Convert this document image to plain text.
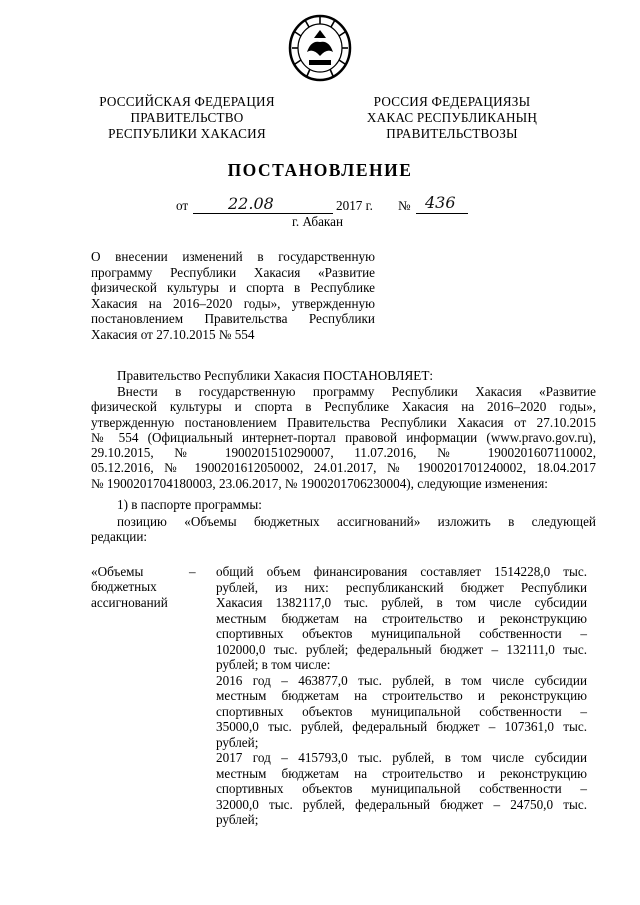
РОССИЙСКАЯ ФЕДЕРАЦИЯ
ПРАВИТЕЛЬСТВО
РЕСПУБЛИКИ ХАКАСИЯ
РОССИЯ ФЕДЕРАЦИЯЗЫ
ХАКАС РЕСПУБЛИКАНЫҢ
ПРАВИТЕЛЬСТВОЗЫ
ПОСТАНОВЛЕНИЕ
от 22.08	2017 г. № 436
г. Абакан
О внесении изменений в государственную
программу Республики Хакасия «Развитие
физической культуры и спорта в Республике
Хакасия на 2016–2020 годы», утвержденную
постановлением Правительства Республики
Хакасия от 27.10.2015 № 554
Правительство Республики Хакасия ПОСТАНОВЛЯЕТ:
Внести в государственную программу Республики Хакасия «Развитие
физической культуры и спорта в Республике Хакасия на 2016–2020 годы»,
утвержденную постановлением Правительства Республики Хакасия от 27.10.2015
№ 554 (Официальный интернет-портал правовой информации (www.pravo.gov.ru),
29.10.2015, № 1900201510290007, 11.07.2016, № 1900201607110002,
05.12.2016, № 1900201612050002, 24.01.2017, № 1900201701240002, 18.04.2017
№ 1900201704180003, 23.06.2017, № 1900201706230004), следующие изменения:
1) в паспорте программы:
позицию «Объемы бюджетных ассигнований» изложить в следующей
редакции:
«Объемы
бюджетных
ассигнований
– общий объем финансирования составляет 1514228,0 тыс.
рублей, из них: республиканский бюджет Республики
Хакасия 1382117,0 тыс. рублей, в том числе субсидии
местным бюджетам на строительство и реконструкцию
спортивных объектов муниципальной собственности –
102000,0 тыс. рублей; федеральный бюджет – 132111,0 тыс.
рублей; в том числе:
2016 год – 463877,0 тыс. рублей, в том числе субсидии
местным бюджетам на строительство и реконструкцию
спортивных объектов муниципальной собственности –
35000,0 тыс. рублей, федеральный бюджет – 107361,0 тыс.
рублей;
2017 год – 415793,0 тыс. рублей, в том числе субсидии
местным бюджетам на строительство и реконструкцию
спортивных объектов муниципальной собственности –
32000,0 тыс. рублей, федеральный бюджет – 24750,0 тыс.
рублей;
